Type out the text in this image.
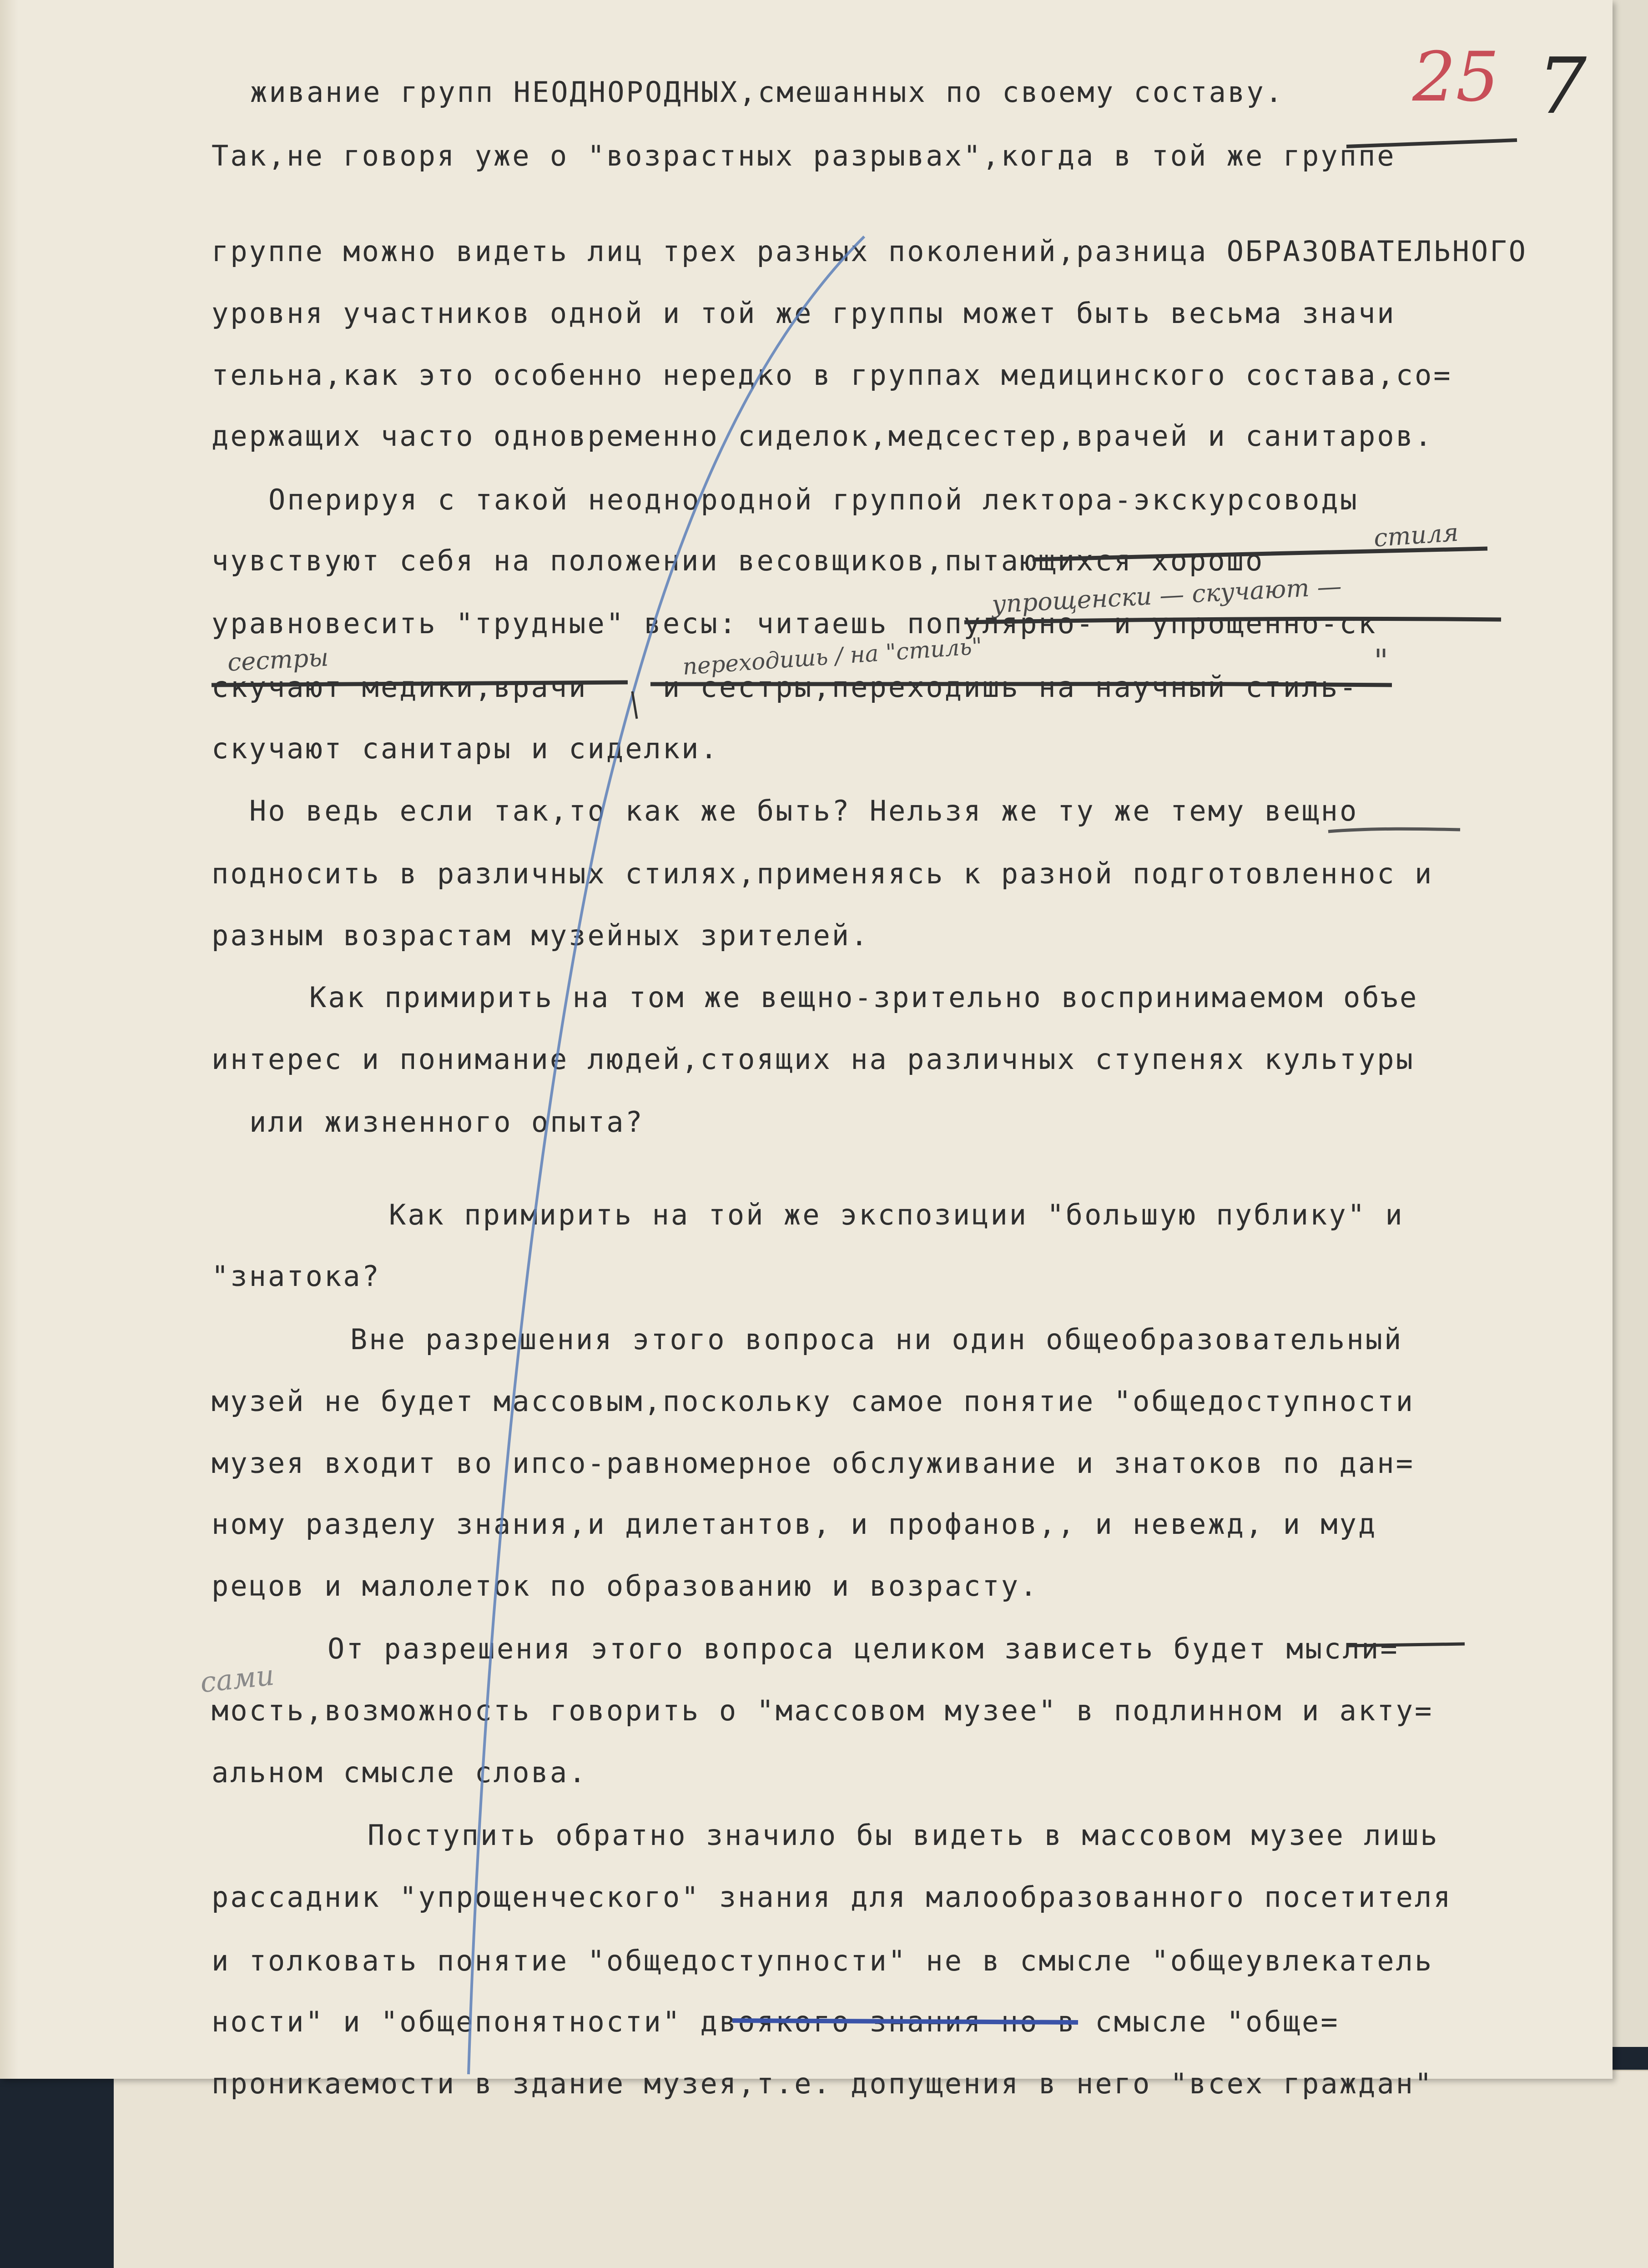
25 7
живание групп НЕОДНОРОДНЫХ,смешанных по своему составу.
Так,не говоря уже о "возрастных разрывах",когда в той же группе
группе можно видеть лиц трех разных поколений,разница ОБРАЗОВАТЕЛЬНОГО
уровня участников одной и той же группы может быть весьма значи
тельна,как это особенно нередко в группах медицинского состава,со=
держащих часто одновременно сиделок,медсестер,врачей и санитаров.
Оперируя с такой неоднородной группой лектора-экскурсоводы
чувствуют себя на положении весовщиков,пытающихся хорошо
уравновесить "трудные" весы: читаешь популярно- и упрощенно-ск
скучают медики,врачи    и сестры,переходишь на научный стиль-
скучают санитары и сиделки.
Но ведь если так,то как же быть? Нельзя же ту же тему вещно
подносить в различных стилях,применяясь к разной подготовленнос и
разным возрастам музейных зрителей.
Как примирить на том же вещно-зрительно воспринимаемом объе
интерес и понимание людей,стоящих на различных ступенях культуры
или жизненного опыта?
Как примирить на той же экспозиции "большую публику" и
"знатока?
Вне разрешения этого вопроса ни один общеобразовательный
музей не будет массовым,поскольку самое понятие "общедоступности
музея входит во ипсо-равномерное обслуживание и знатоков по дан=
ному разделу знания,и дилетантов, и профанов,, и невежд, и муд
рецов и малолеток по образованию и возрасту.
От разрешения этого вопроса целиком зависеть будет мысли=
мость,возможность говорить о "массовом музее" в подлинном и акту=
альном смысле слова.
Поступить обратно значило бы видеть в массовом музее лишь
рассадник "упрощенческого" знания для малообразованного посетителя
и толковать понятие "общедоступности" не в смысле "общеувлекатель
ности" и "общепонятности" двоякого знания но в смысле "обще=
проникаемости в здание музея,т.е. допущения в него "всех граждан"
стиля
упрощенски — скучают —
сестры	переходишь / на "стиль"	"
сами
